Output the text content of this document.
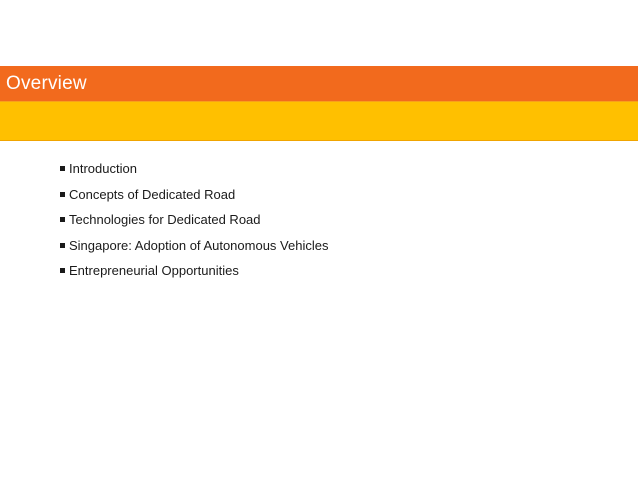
Overview
Introduction
Concepts of Dedicated Road
Technologies for Dedicated Road
Singapore: Adoption of Autonomous Vehicles
Entrepreneurial Opportunities
